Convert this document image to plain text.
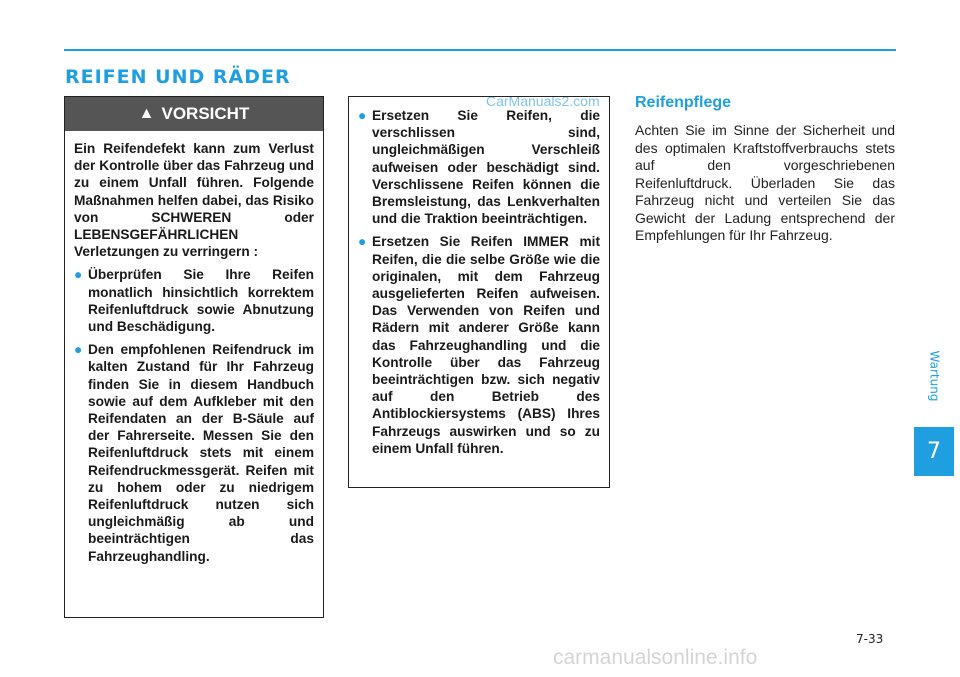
REIFEN UND RÄDER
CarManuals2.com
▲ VORSICHT

Ein Reifendefekt kann zum Verlust der Kontrolle über das Fahrzeug und zu einem Unfall führen. Folgende Maßnahmen helfen dabei, das Risiko von SCHWEREN oder LEBENSGEFÄHRLICHEN Verletzungen zu verringern :

● Überprüfen Sie Ihre Reifen monatlich hinsichtlich korrektem Reifenluftdruck sowie Abnutzung und Beschädigung.
● Den empfohlenen Reifendruck im kalten Zustand für Ihr Fahrzeug finden Sie in diesem Handbuch sowie auf dem Aufkleber mit den Reifendaten an der B-Säule auf der Fahrerseite. Messen Sie den Reifenluftdruck stets mit einem Reifendruckmessgerät. Reifen mit zu hohem oder zu niedrigem Reifenluftdruck nutzen sich ungleichmäßig ab und beeinträchtigen das Fahrzeughandling.
● Ersetzen Sie Reifen, die verschlissen sind, ungleichmäßigen Verschleiß aufweisen oder beschädigt sind. Verschlissene Reifen können die Bremsleistung, das Lenkverhalten und die Traktion beeinträchtigen.
● Ersetzen Sie Reifen IMMER mit Reifen, die die selbe Größe wie die originalen, mit dem Fahrzeug ausgelieferten Reifen aufweisen. Das Verwenden von Reifen und Rädern mit anderer Größe kann das Fahrzeughandling und die Kontrolle über das Fahrzeug beeinträchtigen bzw. sich negativ auf den Betrieb des Antiblockiersystems (ABS) Ihres Fahrzeugs auswirken und so zu einem Unfall führen.
Reifenpflege

Achten Sie im Sinne der Sicherheit und des optimalen Kraftstoffverbrauchs stets auf den vorgeschriebenen Reifenluftdruck. Überladen Sie das Fahrzeug nicht und verteilen Sie das Gewicht der Ladung entsprechend der Empfehlungen für Ihr Fahrzeug.

Wartung
7
7-33
carmanualsonline.info
